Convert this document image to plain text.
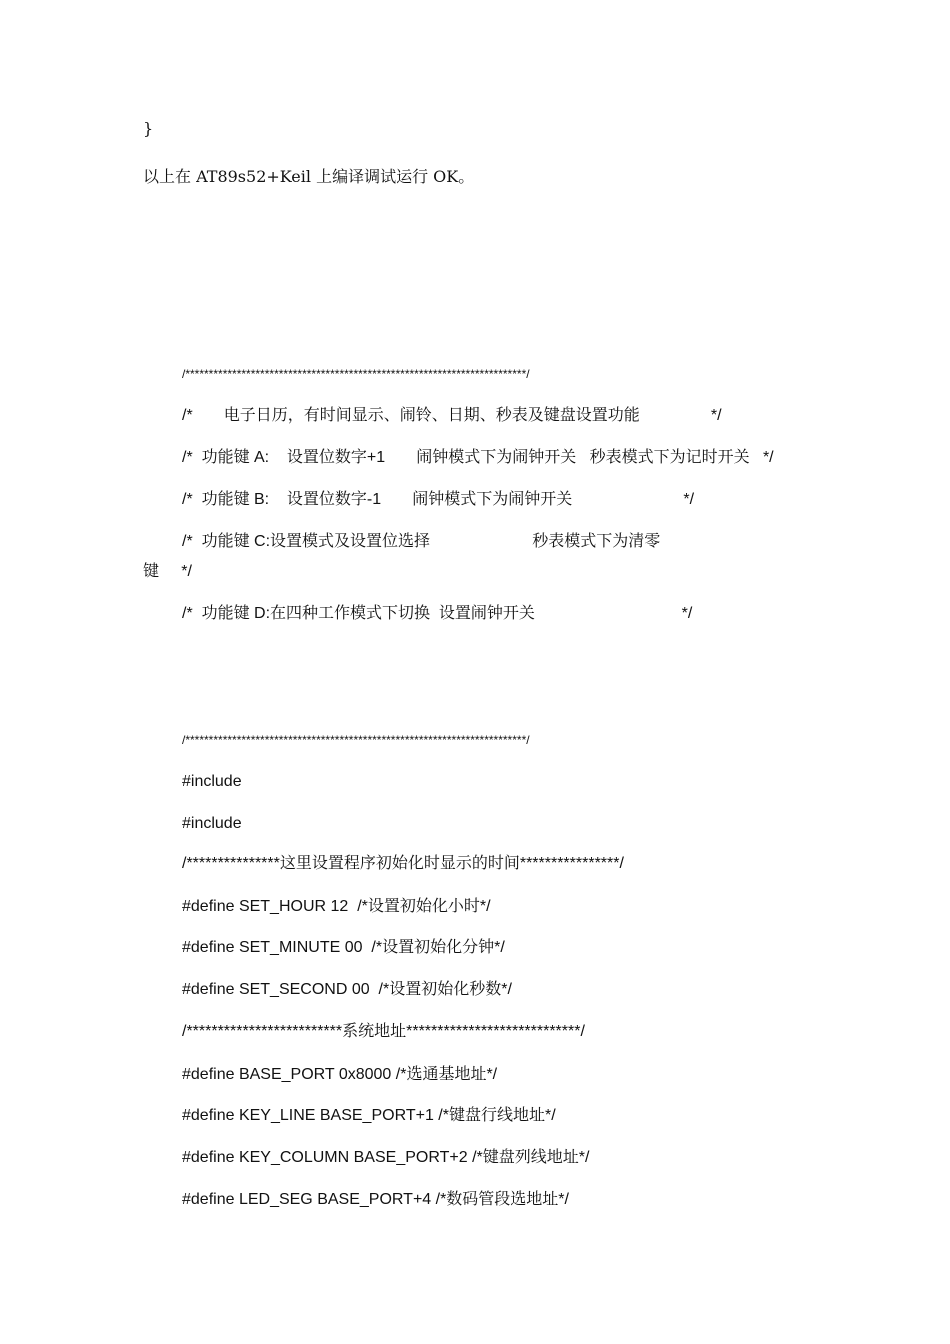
}
以上在 AT89s52+Keil 上编译调试运行 OK。
/*************************************************************************/
/*       电子日历，有时间显示、闹铃、日期、秒表及键盘设置功能                */
/*  功能键 A:    设置位数字+1       闹钟模式下为闹钟开关   秒表模式下为记时开关   */
/*  功能键 B:    设置位数字-1       闹钟模式下为闹钟开关                         */
/*  功能键 C:设置模式及设置位选择                       秒表模式下为清零
键     */
/*  功能键 D:在四种工作模式下切换  设置闹钟开关                                 */
/*************************************************************************/
#include
#include
/***************这里设置程序初始化时显示的时间****************/
#define SET_HOUR 12  /*设置初始化小时*/
#define SET_MINUTE 00  /*设置初始化分钟*/
#define SET_SECOND 00  /*设置初始化秒数*/
/*************************系统地址****************************/
#define BASE_PORT 0x8000 /*选通基地址*/
#define KEY_LINE BASE_PORT+1 /*键盘行线地址*/
#define KEY_COLUMN BASE_PORT+2 /*键盘列线地址*/
#define LED_SEG BASE_PORT+4 /*数码管段选地址*/
